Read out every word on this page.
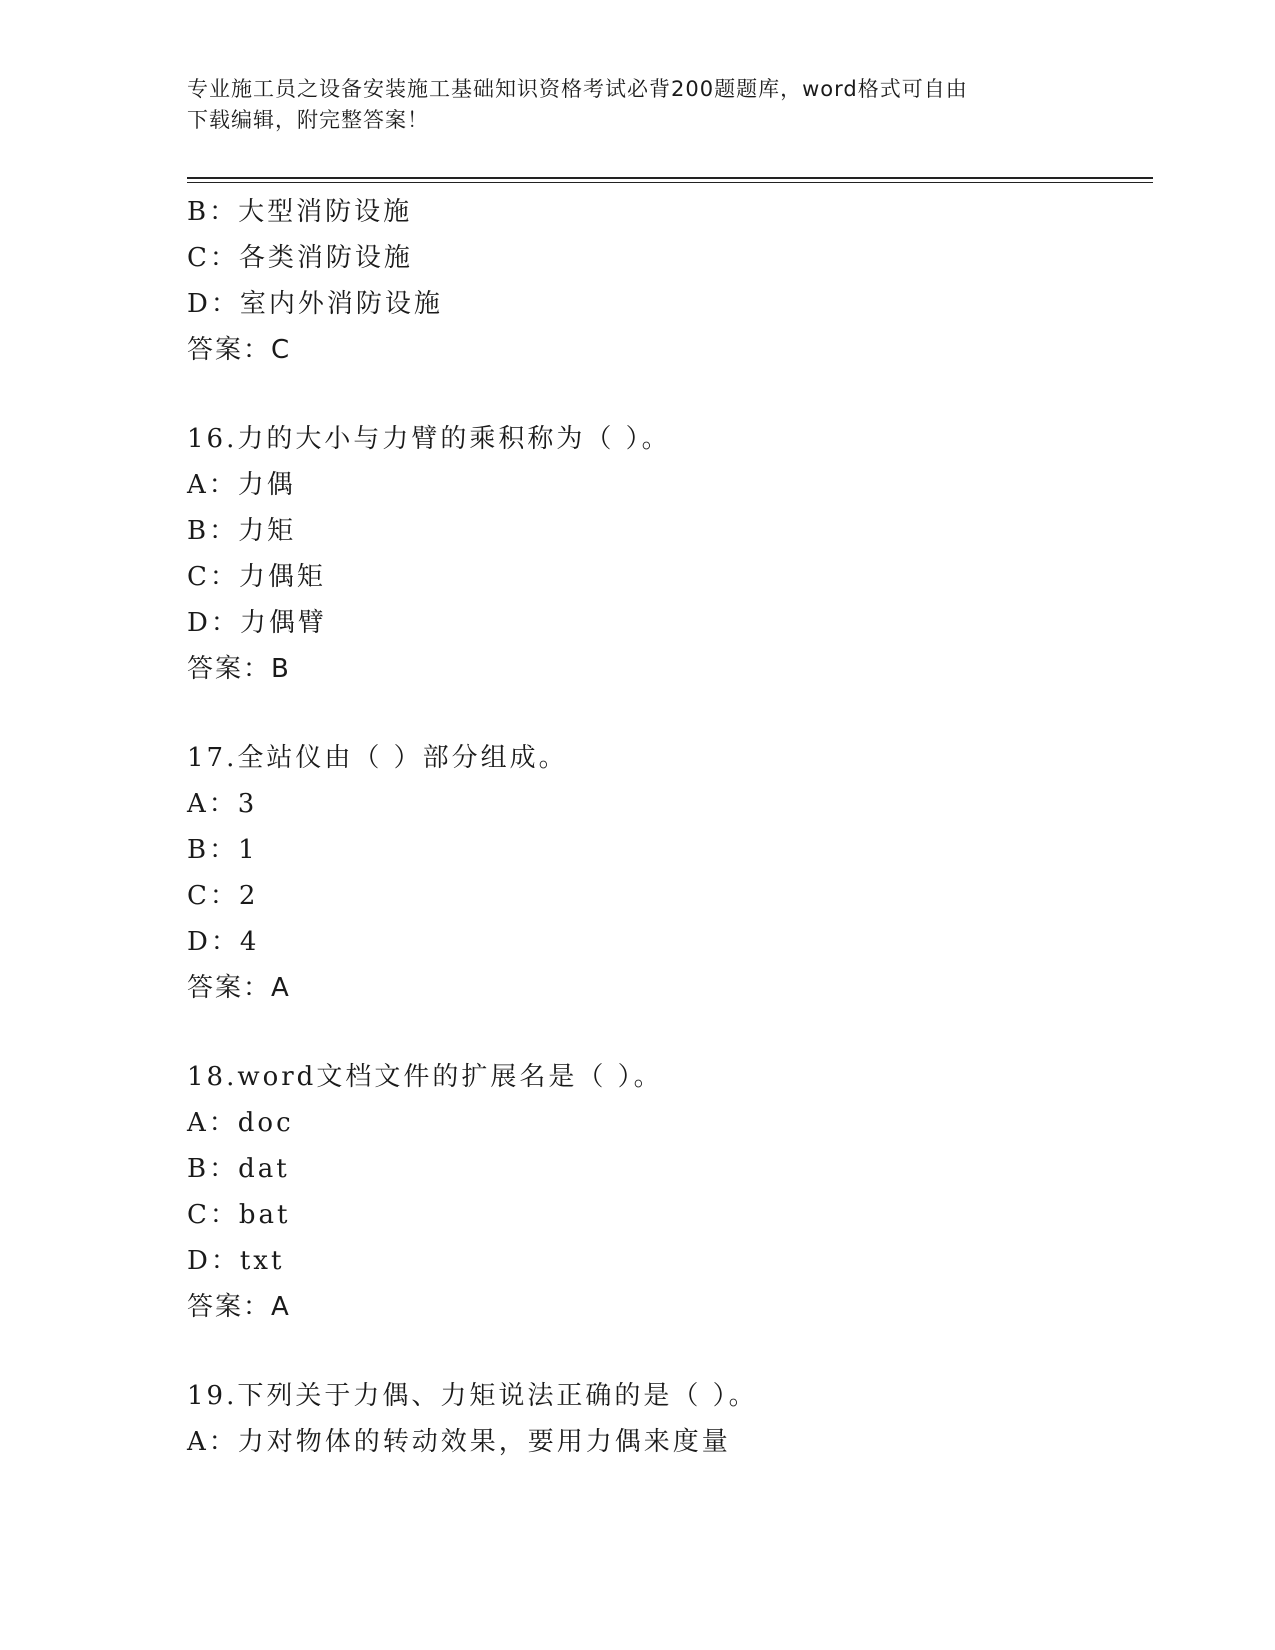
专业施工员之设备安装施工基础知识资格考试必背200题题库，word格式可自由
下载编辑，附完整答案！
B：大型消防设施
C：各类消防设施
D：室内外消防设施
答案：C
16.力的大小与力臂的乘积称为（ ）。
A：力偶
B：力矩
C：力偶矩
D：力偶臂
答案：B
17.全站仪由（ ）部分组成。
A：3
B：1
C：2
D：4
答案：A
18.word文档文件的扩展名是（ ）。
A：doc
B：dat
C：bat
D：txt
答案：A
19.下列关于力偶、力矩说法正确的是（ ）。
A：力对物体的转动效果，要用力偶来度量
